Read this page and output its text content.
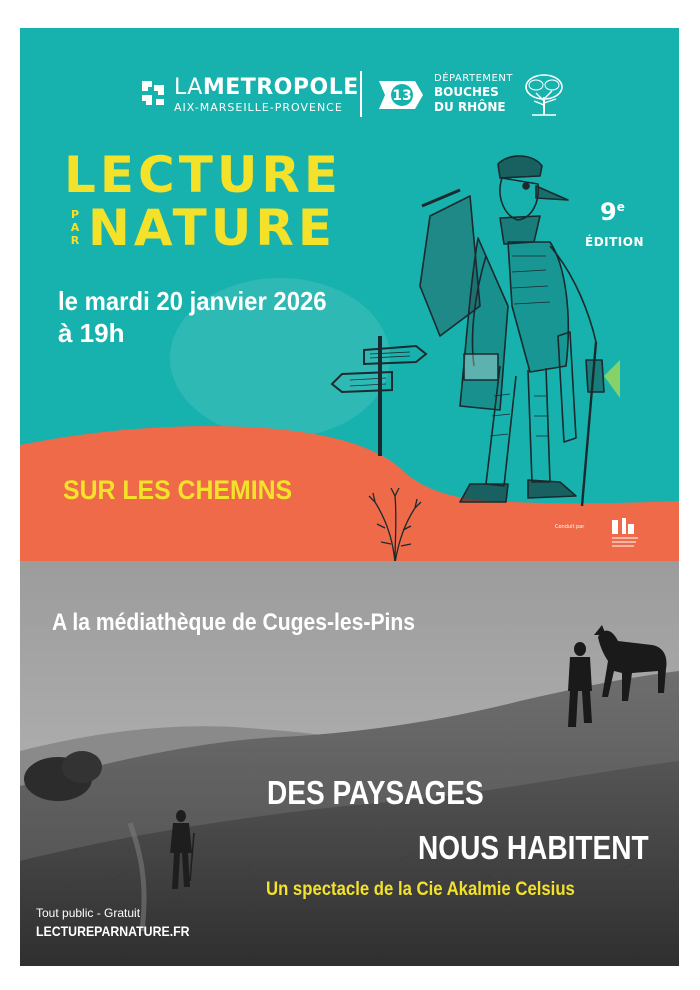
LAMETROPOLE
AIX-MARSEILLE-PROVENCE
13
DÉPARTEMENT
BOUCHES
DU RHÔNE
LECTURE
P
A
R NATURE	9e
ÉDITION
le mardi 20 janvier 2026
à 19h
SUR LES CHEMINS
Conduit par
A la médiathèque de Cuges-les-Pins
DES PAYSAGES
NOUS HABITENT
Un spectacle de la Cie Akalmie Celsius
Tout public - Gratuit
LECTUREPARNATURE.FR
